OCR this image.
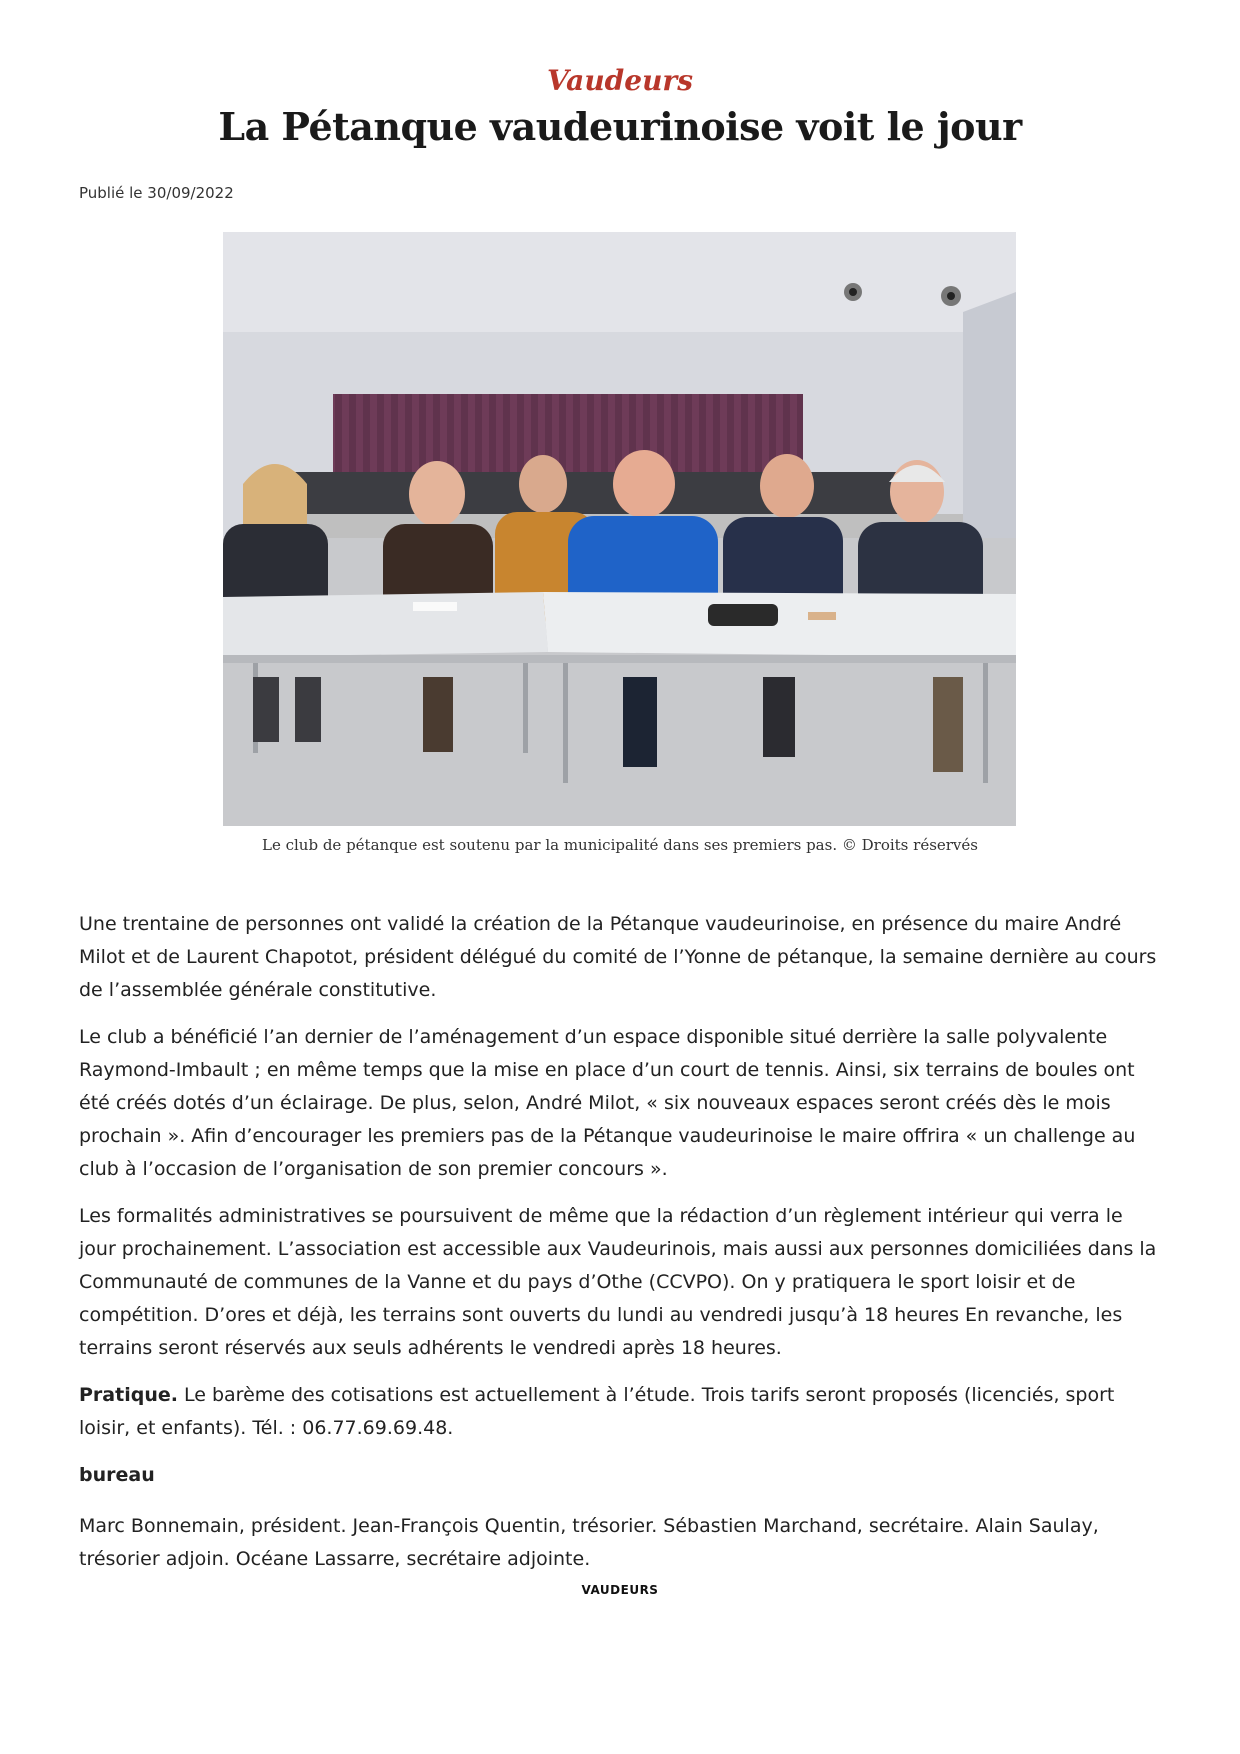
Vaudeurs
La Pétanque vaudeurinoise voit le jour
Publié le 30/09/2022
Le club de pétanque est soutenu par la municipalité dans ses premiers pas. © Droits réservés

Une trentaine de personnes ont validé la création de la Pétanque vaudeurinoise, en présence du maire André Milot et de Laurent Chapotot, président délégué du comité de l’Yonne de pétanque, la semaine dernière au cours de l’assemblée générale constitutive.

Le club a bénéficié l’an dernier de l’aménagement d’un espace disponible situé derrière la salle polyvalente Raymond-Imbault ; en même temps que la mise en place d’un court de tennis. Ainsi, six terrains de boules ont été créés dotés d’un éclairage. De plus, selon, André Milot, « six nouveaux espaces seront créés dès le mois prochain ». Afin d’encourager les premiers pas de la Pétanque vaudeurinoise le maire offrira « un challenge au club à l’occasion de l’organisation de son premier concours ».

Les formalités administratives se poursuivent de même que la rédaction d’un règlement intérieur qui verra le jour prochainement. L’association est accessible aux Vaudeurinois, mais aussi aux personnes domiciliées dans la Communauté de communes de la Vanne et du pays d’Othe (CCVPO). On y pratiquera le sport loisir et de compétition. D’ores et déjà, les terrains sont ouverts du lundi au vendredi jusqu’à 18 heures En revanche, les terrains seront réservés aux seuls adhérents le vendredi après 18 heures.

Pratique. Le barème des cotisations est actuellement à l’étude. Trois tarifs seront proposés (licenciés, sport loisir, et enfants). Tél. : 06.77.69.69.48.

bureau

Marc Bonnemain, président. Jean-François Quentin, trésorier. Sébastien Marchand, secrétaire. Alain Saulay, trésorier adjoin. Océane Lassarre, secrétaire adjointe.

VAUDEURS
